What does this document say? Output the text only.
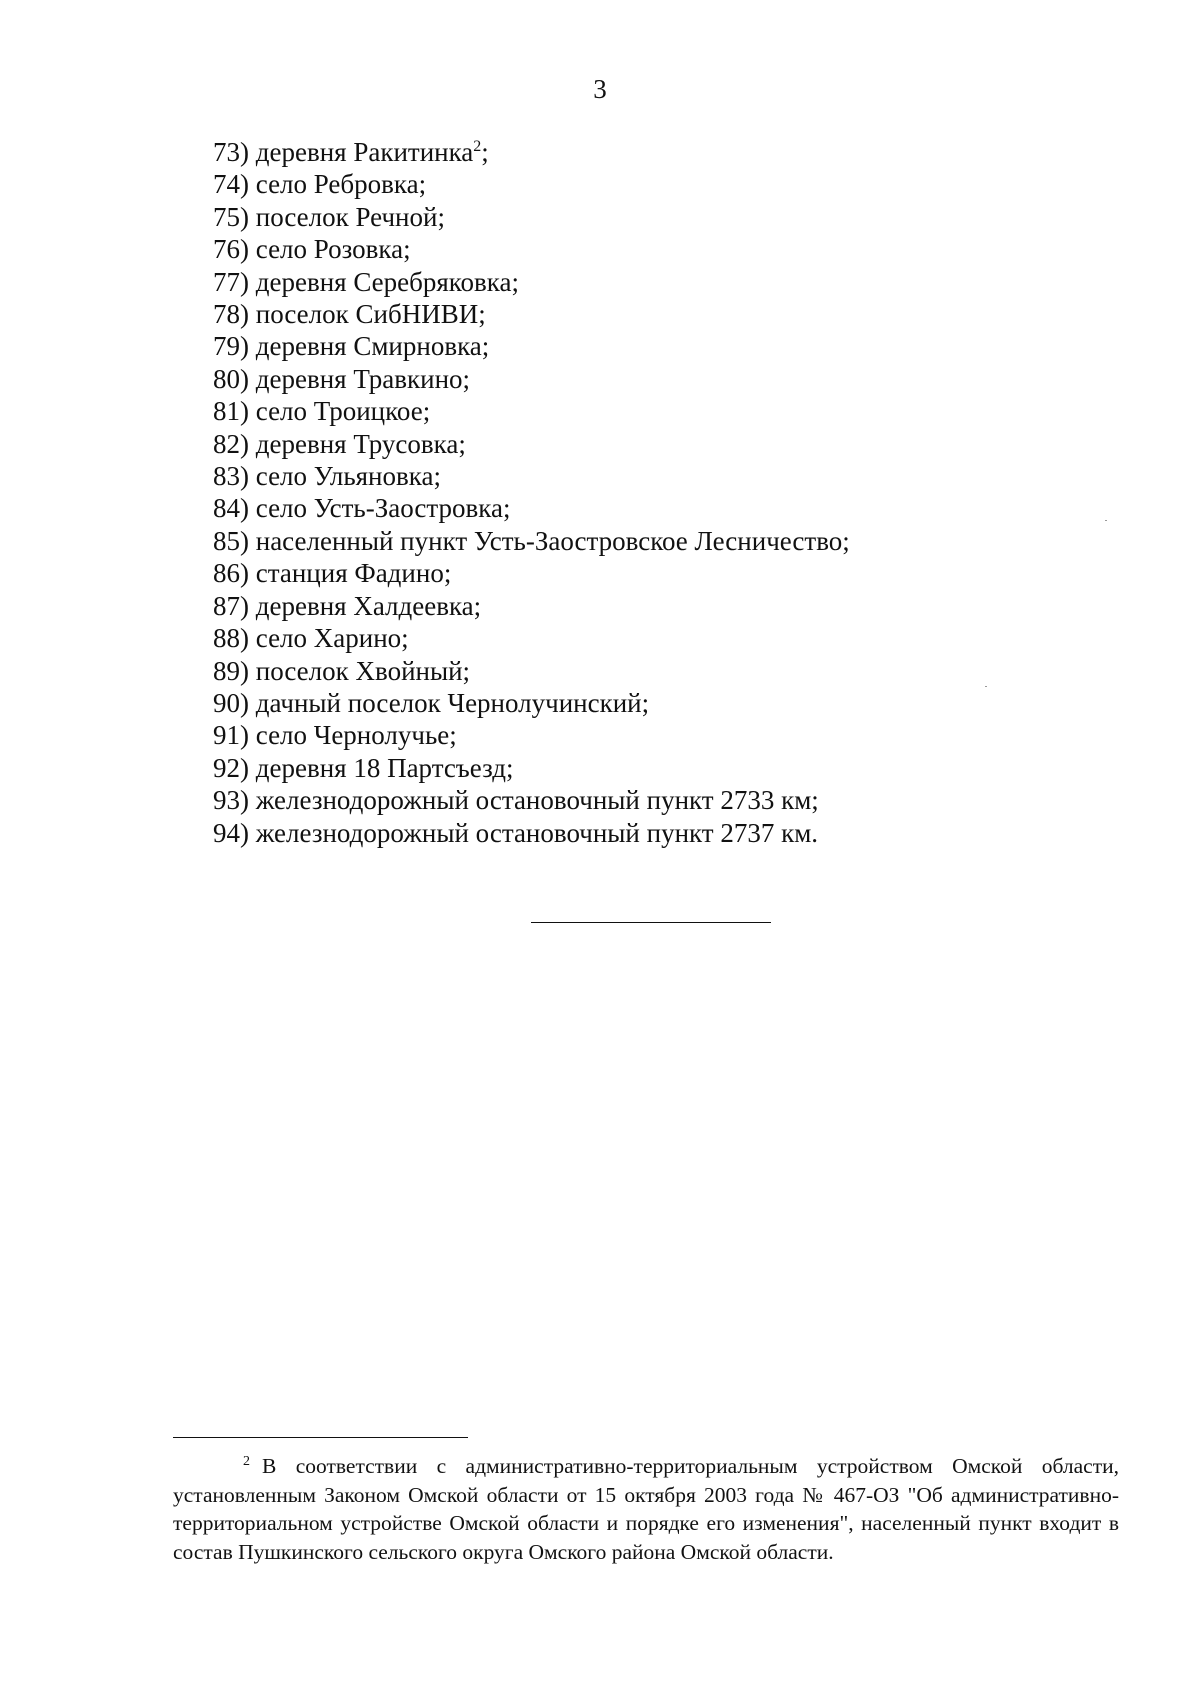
3
73) деревня Ракитинка$^2$;
74) село Ребровка;
75) поселок Речной;
76) село Розовка;
77) деревня Серебряковка;
78) поселок СибНИВИ;
79) деревня Смирновка;
80) деревня Травкино;
81) село Троицкое;
82) деревня Трусовка;
83) село Ульяновка;
84) село Усть-Заостровка;
85) населенный пункт Усть-Заостровское Лесничество;
86) станция Фадино;
87) деревня Халдеевка;
88) село Харино;
89) поселок Хвойный;
90) дачный поселок Чернолучинский;
91) село Чернолучье;
92) деревня 18 Партсъезд;
93) железнодорожный остановочный пункт 2733 км;
94) железнодорожный остановочный пункт 2737 км.

$^2$ В соответствии с административно-территориальным устройством Омской области, установленным Законом Омской области от 15 октября 2003 года № 467-ОЗ "Об административно-территориальном устройстве Омской области и порядке его изменения", населенный пункт входит в состав Пушкинского сельского округа Омского района Омской области.
